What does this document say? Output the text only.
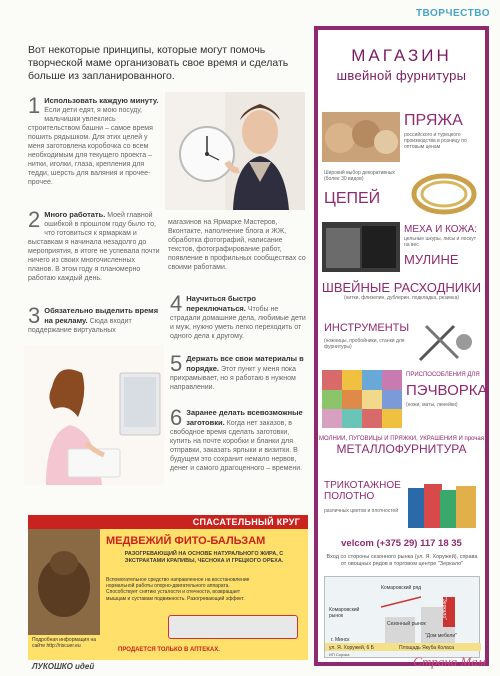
ТВОРЧЕСТВО
Вот некоторые принципы, которые могут помочь творческой маме организовать свое время и сделать больше из запланированного.
1 Использовать каждую минуту. Если дети едят, я мою посуду, мальчишки увлеклись строительством башни – самое время пошить рядышком. Для этих целей у меня заготовлена коробочка со всем необходимым для текущего проекта – нитки, иголки, глаза, крепления для тедди, шерсть для валяния и прочее-прочее.
2 Много работать. Моей главной ошибкой в прошлом году было то, что готовиться к ярмаркам и выставкам я начинала незадолго до мероприятия, в итоге не успевала почти ничего из своих многочисленных планов. В этом году я планомерно работаю каждый день.
3 Обязательно выделить время на рекламу. Сюда входит поддержание виртуальных
магазинов на Ярмарке Мастеров, Вконтакте, наполнение блога и ЖЖ, обработка фотографий, написание текстов, фотографирование работ, появление в профильных сообществах со своими работами.
4 Научиться быстро переключаться. Чтобы не страдали домашние дела, любимые дети и муж, нужно уметь легко переходить от одного дела к другому.
5 Держать все свои материалы в порядке. Этот пункт у меня пока прихрамывает, но я работаю в нужном направлении.
6 Заранее делать всевозможные заготовки. Когда нет заказов, в свободное время сделать заготовки, купить на почте коробки и бланки для отправки, заказать ярлыки и визитки. В будущем это сохранит немало нервов, денег и самого драгоценного – времени.
МАГАЗИН
швейной фурнитуры
ПРЯЖА
российского и турецкого производства в розницу по оптовым ценам
Широкий выбор декоративных (более 30 видов)
ЦЕПЕЙ
МЕХА И КОЖА:
цельные шкуры, лисы и лоскут на вес
МУЛИНЕ
ШВЕЙНЫЕ РАСХОДНИКИ
(нитки, флизелин, дублерин, подкладка, резинка)
ИНСТРУМЕНТЫ
(ножницы, пробойники, станки для фурнитуры)
ПРИСПОСОБЛЕНИЯ ДЛЯ
ПЭЧВОРКА
(ножи, маты, линейки)
МОЛНИИ, ПУГОВИЦЫ И ПРЯЖКИ, УКРАШЕНИЯ И прочая
МЕТАЛЛОФУРНИТУРА
ТРИКОТАЖНОЕ ПОЛОТНО
различных цветов и плотностей
velcom (+375 29) 117 18 35
Вход со стороны сезонного рынка (ул. Я. Хоружей), справа от овощных рядов в торговом центре "Зеркало"
Комаровский ряд
Комаровский рынок
Сезонный рынок
"Зеркало"
"Дом мебели"
г. Минск
ул. Я. Хоружей, 6 Б	Площадь Якуба Коласа
ИП Сорока
СПАСАТЕЛЬНЫЙ КРУГ
МЕДВЕЖИЙ ФИТО-БАЛЬЗАМ
РАЗОГРЕВАЮЩИЙ НА ОСНОВЕ НАТУРАЛЬНОГО ЖИРА, С ЭКСТРАКТАМИ КРАПИВЫ, ЧЕСНОКА И ГРЕЦКОГО ОРЕХА.
Вспомогательное средство направленное на восстановление нормальной работы опорно-двигательного аппарата. Способствует снятию усталости и отечности, возвращает мышцам и суставам подвижность. Разогревающий эффект.
Подробная информация на сайте http://riscuer.eu
ПРОДАЕТСЯ ТОЛЬКО В АПТЕКАХ.
ЛУКОШКО идей	Страна Мам
